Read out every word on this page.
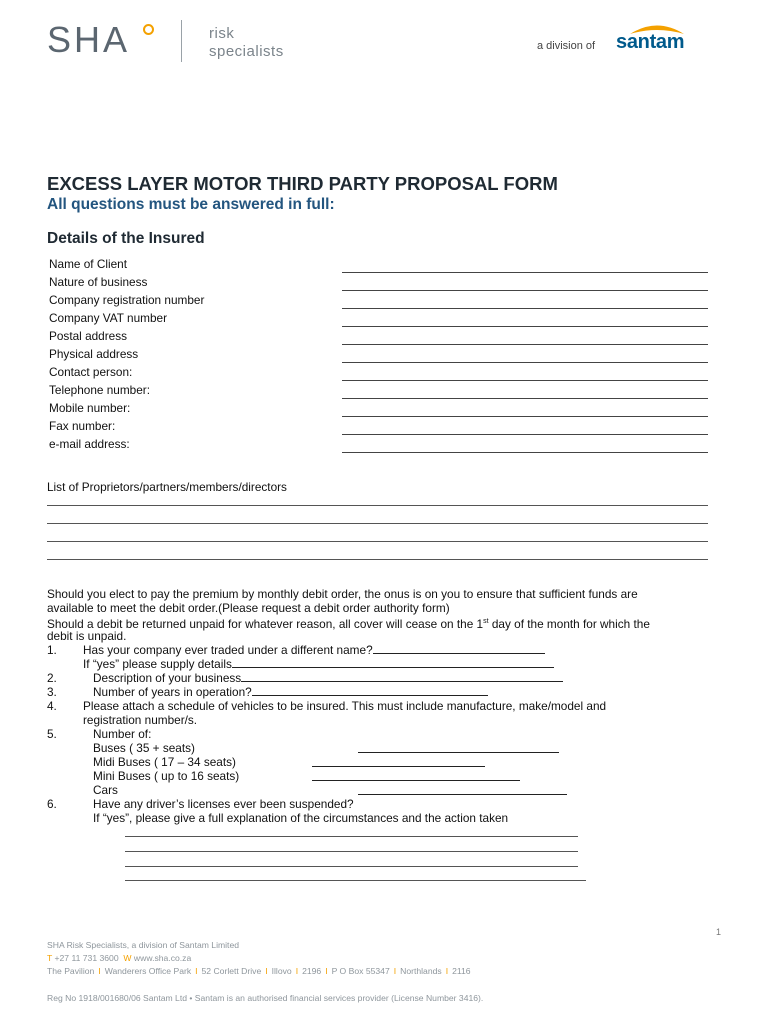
SHA	risk
specialists	a division of santam
EXCESS LAYER MOTOR THIRD PARTY PROPOSAL FORM
All questions must be answered in full:
Details of the Insured
Name of Client
Nature of business
Company registration number
Company VAT number
Postal address
Physical address
Contact person:
Telephone number:
Mobile number:
Fax number:
e-mail address:
List of Proprietors/partners/members/directors
Should you elect to pay the premium by monthly debit order, the onus is on you to ensure that sufficient funds are
available to meet the debit order.(Please request a debit order authority form)
Should a debit be returned unpaid for whatever reason, all cover will cease on the 1st day of the month for which the
debit is unpaid.
1. Has your company ever traded under a different name?
If “yes” please supply details
2.	Description of your business
3.	Number of years in operation?
4. Please attach a schedule of vehicles to be insured. This must include manufacture, make/model and
registration number/s.
5.	Number of:
Buses ( 35 + seats)
Midi Buses ( 17 – 34 seats)
Mini Buses ( up to 16 seats)
Cars
6.	Have any driver’s licenses ever been suspended?
If “yes”, please give a full explanation of the circumstances and the action taken
1
SHA Risk Specialists, a division of Santam Limited
T +27 11 731 3600 W www.sha.co.za
The Pavilion I Wanderers Office Park I 52 Corlett Drive I Illovo I 2196 I P O Box 55347 I Northlands I 2116
Reg No 1918/001680/06 Santam Ltd • Santam is an authorised financial services provider (License Number 3416).
